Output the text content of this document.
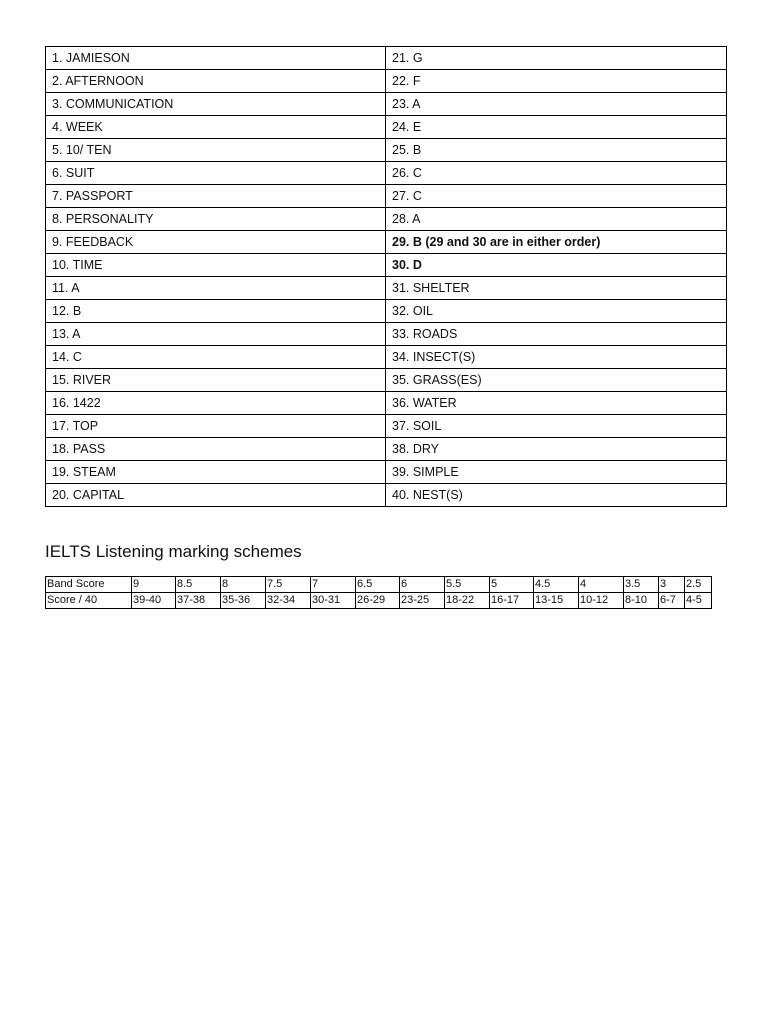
1. JAMIESON	21. G
2. AFTERNOON	22. F
3. COMMUNICATION	23. A
4. WEEK	24. E
5. 10/ TEN	25. B
6. SUIT	26. C
7. PASSPORT	27. C
8. PERSONALITY	28. A
9. FEEDBACK	29. B (29 and 30 are in either order)
10. TIME	30. D
11. A	31. SHELTER
12. B	32. OIL
13. A	33. ROADS
14. C	34. INSECT(S)
15. RIVER	35. GRASS(ES)
16. 1422	36. WATER
17. TOP	37. SOIL
18. PASS	38. DRY
19. STEAM	39. SIMPLE
20. CAPITAL	40. NEST(S)
IELTS Listening marking schemes
Band Score	9	8.5	8	7.5	7	6.5	6	5.5	5	4.5	4	3.5	3	2.5
Score / 40	39-40	37-38	35-36	32-34	30-31	26-29	23-25	18-22	16-17	13-15	10-12	8-10	6-7	4-5
